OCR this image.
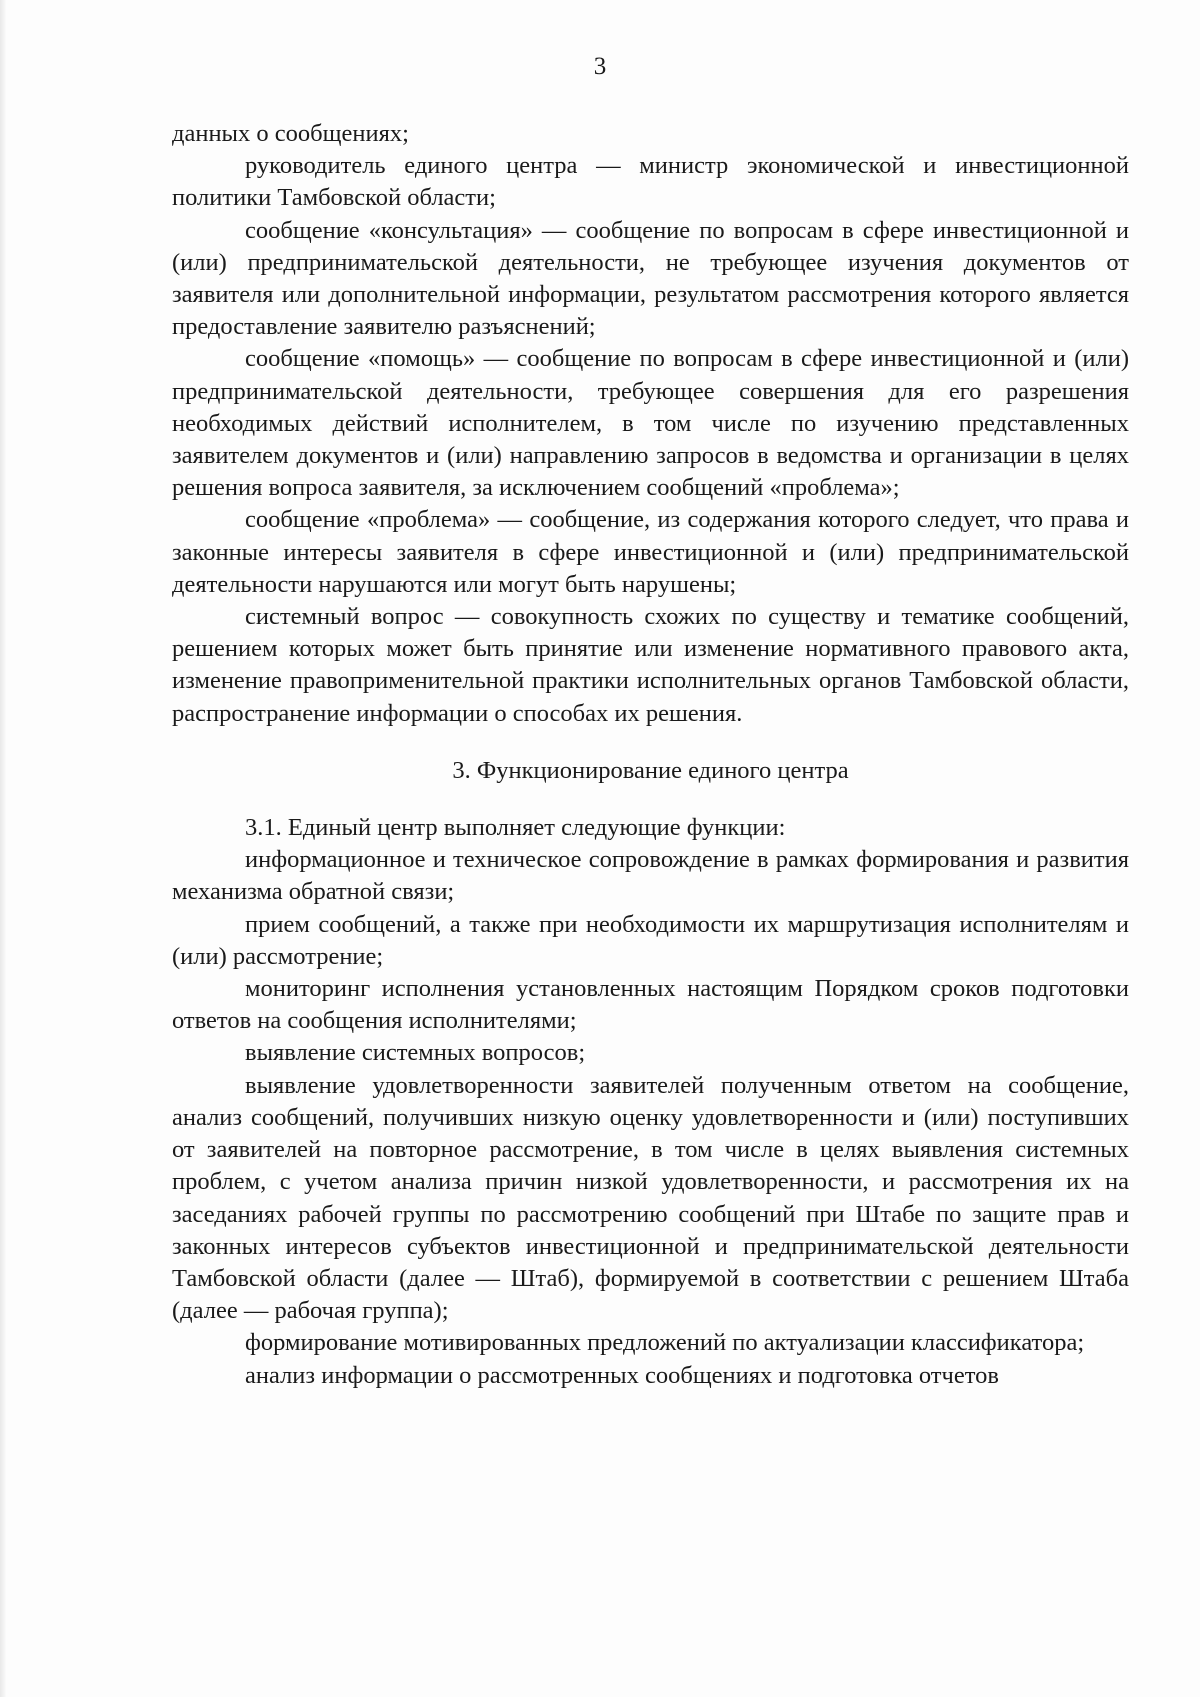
3

данных о сообщениях;

руководитель единого центра — министр экономической и инвестиционной политики Тамбовской области;

сообщение «консультация» — сообщение по вопросам в сфере инвестиционной и (или) предпринимательской деятельности, не требующее изучения документов от заявителя или дополнительной информации, результатом рассмотрения которого является предоставление заявителю разъяснений;

сообщение «помощь» — сообщение по вопросам в сфере инвестиционной и (или) предпринимательской деятельности, требующее совершения для его разрешения необходимых действий исполнителем, в том числе по изучению представленных заявителем документов и (или) направлению запросов в ведомства и организации в целях решения вопроса заявителя, за исключением сообщений «проблема»;

сообщение «проблема» — сообщение, из содержания которого следует, что права и законные интересы заявителя в сфере инвестиционной и (или) предпринимательской деятельности нарушаются или могут быть нарушены;

системный вопрос — совокупность схожих по существу и тематике сообщений, решением которых может быть принятие или изменение нормативного правового акта, изменение правоприменительной практики исполнительных органов Тамбовской области, распространение информации о способах их решения.

3. Функционирование единого центра

3.1. Единый центр выполняет следующие функции:

информационное и техническое сопровождение в рамках формирования и развития механизма обратной связи;

прием сообщений, а также при необходимости их маршрутизация исполнителям и (или) рассмотрение;

мониторинг исполнения установленных настоящим Порядком сроков подготовки ответов на сообщения исполнителями;

выявление системных вопросов;

выявление удовлетворенности заявителей полученным ответом на сообщение, анализ сообщений, получивших низкую оценку удовлетворенности и (или) поступивших от заявителей на повторное рассмотрение, в том числе в целях выявления системных проблем, с учетом анализа причин низкой удовлетворенности, и рассмотрения их на заседаниях рабочей группы по рассмотрению сообщений при Штабе по защите прав и законных интересов субъектов инвестиционной и предпринимательской деятельности Тамбовской области (далее — Штаб), формируемой в соответствии с решением Штаба (далее — рабочая группа);

формирование мотивированных предложений по актуализации классификатора;

анализ информации о рассмотренных сообщениях и подготовка отчетов
